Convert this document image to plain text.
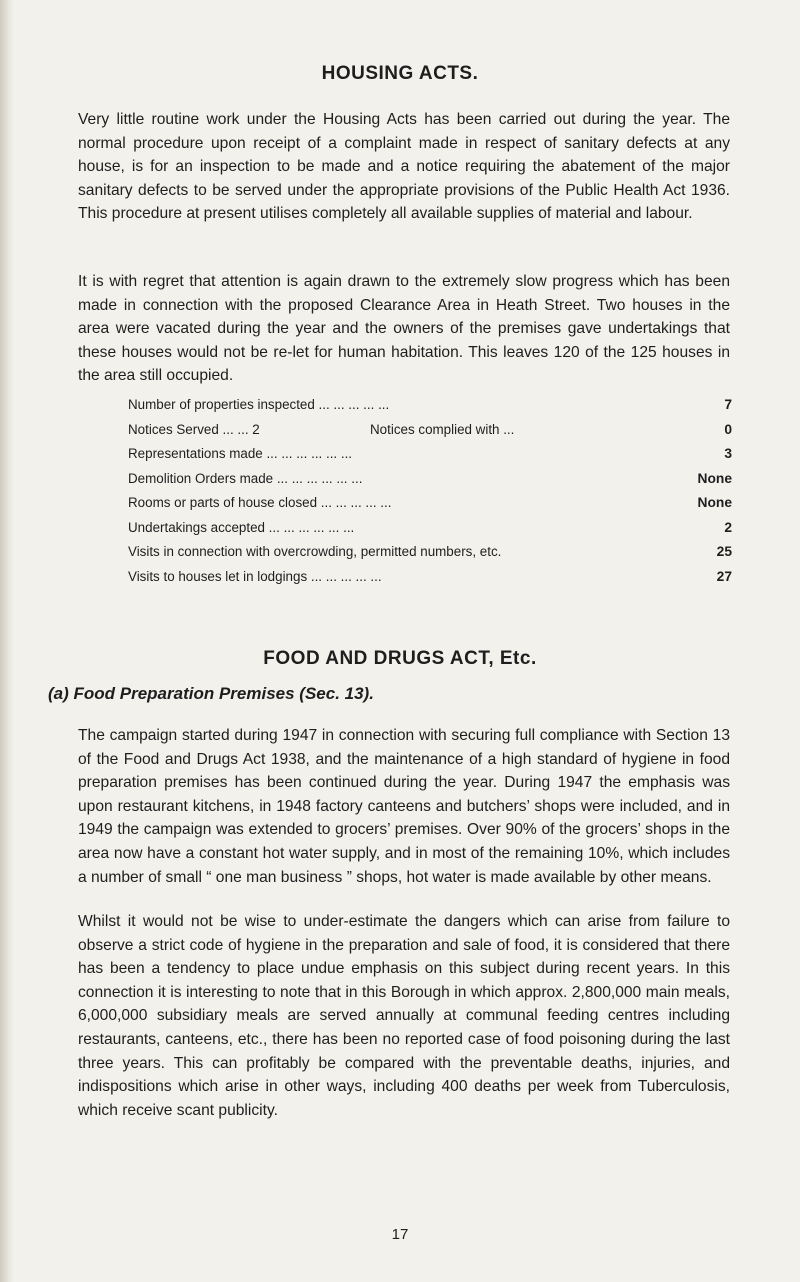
HOUSING ACTS.

Very little routine work under the Housing Acts has been carried out during the year. The normal procedure upon receipt of a complaint made in respect of sanitary defects at any house, is for an inspection to be made and a notice requiring the abatement of the major sanitary defects to be served under the appropriate provisions of the Public Health Act 1936. This procedure at present utilises completely all available supplies of material and labour.

It is with regret that attention is again drawn to the extremely slow progress which has been made in connection with the proposed Clearance Area in Heath Street. Two houses in the area were vacated during the year and the owners of the premises gave undertakings that these houses would not be re-let for human habitation. This leaves 120 of the 125 houses in the area still occupied.

Number of properties inspected ... ... ... ... ...	7
Notices Served ... ... 2	Notices complied with ...	0
Representations made ... ... ... ... ... ...	3
Demolition Orders made ... ... ... ... ... ...	None
Rooms or parts of house closed ... ... ... ... ...	None
Undertakings accepted ... ... ... ... ... ...	2
Visits in connection with overcrowding, permitted numbers, etc.	25
Visits to houses let in lodgings ... ... ... ... ...	27
FOOD AND DRUGS ACT, Etc.
(a) Food Preparation Premises (Sec. 13).

The campaign started during 1947 in connection with securing full compliance with Section 13 of the Food and Drugs Act 1938, and the maintenance of a high standard of hygiene in food preparation premises has been continued during the year. During 1947 the emphasis was upon restaurant kitchens, in 1948 factory canteens and butchers’ shops were included, and in 1949 the campaign was extended to grocers’ premises. Over 90% of the grocers’ shops in the area now have a constant hot water supply, and in most of the remaining 10%, which includes a number of small “ one man business ” shops, hot water is made available by other means.

Whilst it would not be wise to under-estimate the dangers which can arise from failure to observe a strict code of hygiene in the preparation and sale of food, it is considered that there has been a tendency to place undue emphasis on this subject during recent years. In this connection it is interesting to note that in this Borough in which approx. 2,800,000 main meals, 6,000,000 subsidiary meals are served annually at communal feeding centres including restaurants, canteens, etc., there has been no reported case of food poisoning during the last three years. This can profitably be compared with the preventable deaths, injuries, and indispositions which arise in other ways, including 400 deaths per week from Tuberculosis, which receive scant publicity.

17
